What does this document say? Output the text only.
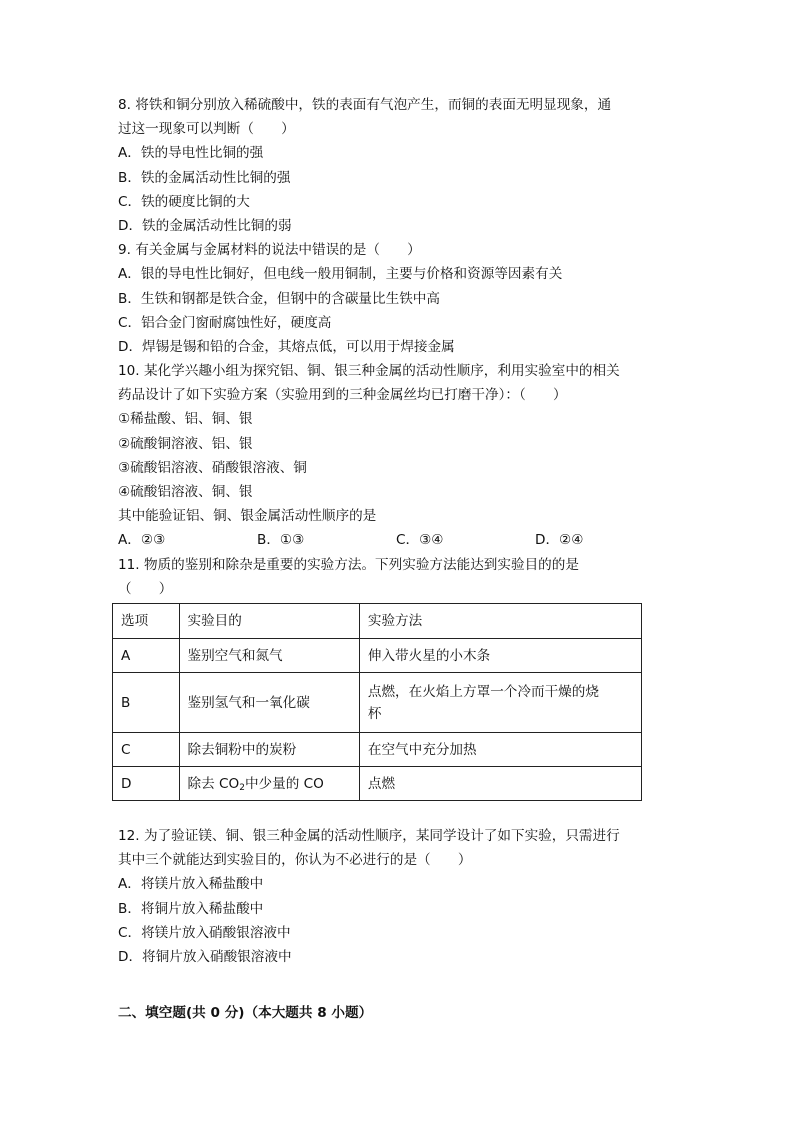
8. 将铁和铜分别放入稀硫酸中，铁的表面有气泡产生，而铜的表面无明显现象，通
过这一现象可以判断（　　）
A．铁的导电性比铜的强
B．铁的金属活动性比铜的强
C．铁的硬度比铜的大
D．铁的金属活动性比铜的弱
9. 有关金属与金属材料的说法中错误的是（　　）
A．银的导电性比铜好，但电线一般用铜制，主要与价格和资源等因素有关
B．生铁和钢都是铁合金，但钢中的含碳量比生铁中高
C．铝合金门窗耐腐蚀性好，硬度高
D．焊锡是锡和铅的合金，其熔点低，可以用于焊接金属
10. 某化学兴趣小组为探究铝、铜、银三种金属的活动性顺序，利用实验室中的相关
药品设计了如下实验方案（实验用到的三种金属丝均已打磨干净）：（　　）
①稀盐酸、铝、铜、银
②硫酸铜溶液、铝、银
③硫酸铝溶液、硝酸银溶液、铜
④硫酸铝溶液、铜、银
其中能验证铝、铜、银金属活动性顺序的是
A．②③	B．①③	C．③④	D．②④
11. 物质的鉴别和除杂是重要的实验方法。下列实验方法能达到实验目的的是
（　　）
选项	实验目的	实验方法
A	鉴别空气和氮气	伸入带火星的小木条
B	鉴别氢气和一氧化碳	点燃，在火焰上方罩一个冷而干燥的烧
杯

C	除去铜粉中的炭粉	在空气中充分加热
D	除去 $CO_2$中少量的 CO	点燃
12. 为了验证镁、铜、银三种金属的活动性顺序，某同学设计了如下实验，只需进行
其中三个就能达到实验目的，你认为不必进行的是（　　）
A．将镁片放入稀盐酸中
B．将铜片放入稀盐酸中
C．将镁片放入硝酸银溶液中
D．将铜片放入硝酸银溶液中
二、填空题(共 0 分)（本大题共 8 小题）
